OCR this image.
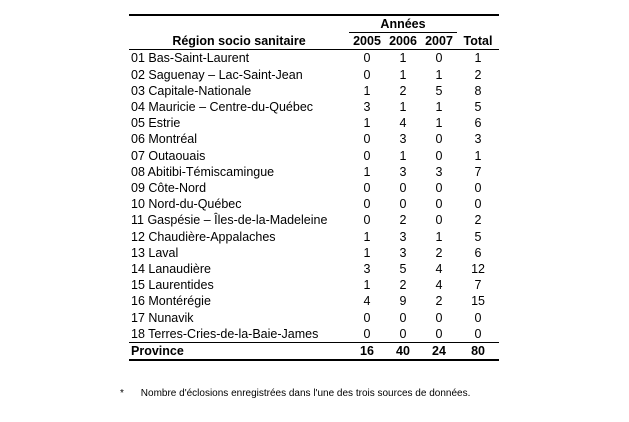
	Années			
Région socio sanitaire	2005	2006	2007	Total
01 Bas-Saint-Laurent	0	1	0	1
02 Saguenay – Lac-Saint-Jean	0	1	1	2
03 Capitale-Nationale	1	2	5	8
04 Mauricie – Centre-du-Québec	3	1	1	5
05 Estrie	1	4	1	6
06 Montréal	0	3	0	3
07 Outaouais	0	1	0	1
08 Abitibi-Témiscamingue	1	3	3	7
09 Côte-Nord	0	0	0	0
10 Nord-du-Québec	0	0	0	0
11 Gaspésie – Îles-de-la-Madeleine	0	2	0	2
12 Chaudière-Appalaches	1	3	1	5
13 Laval	1	3	2	6
14 Lanaudière	3	5	4	12
15 Laurentides	1	2	4	7
16 Montérégie	4	9	2	15
17 Nunavik	0	0	0	0
18 Terres-Cries-de-la-Baie-James	0	0	0	0
Province	16	40	24	80
* Nombre d'éclosions enregistrées dans l'une des trois sources de données.
